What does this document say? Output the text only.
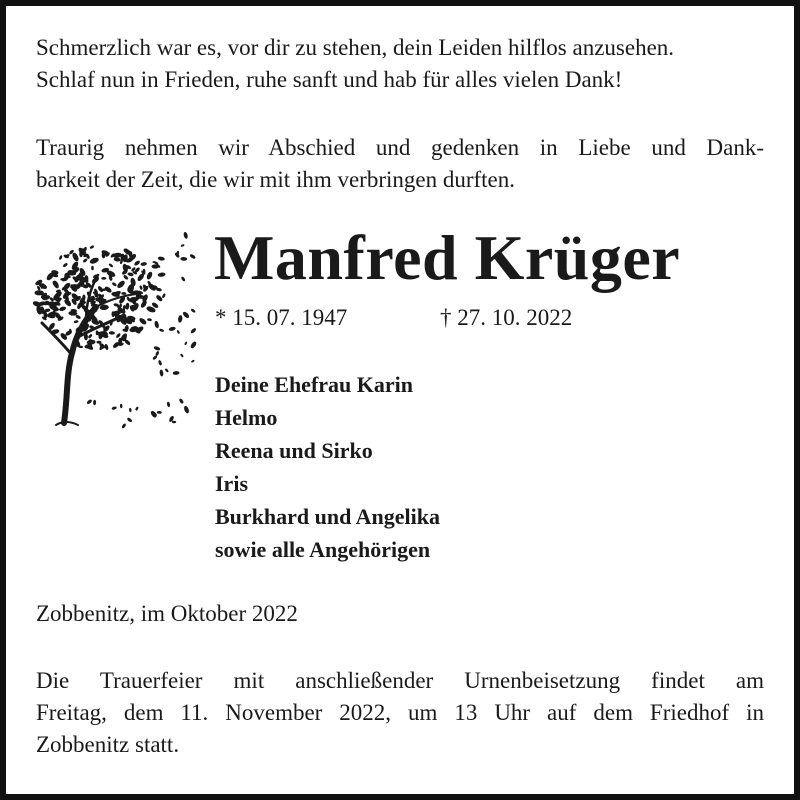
Schmerzlich war es, vor dir zu stehen, dein Leiden hilflos anzusehen.
Schlaf nun in Frieden, ruhe sanft und hab für alles vielen Dank!

Traurig nehmen wir Abschied und gedenken in Liebe und Dank-
barkeit der Zeit, die wir mit ihm verbringen durften.

Manfred Krüger
* 15. 07. 1947	† 27. 10. 2022
Deine Ehefrau Karin
Helmo
Reena und Sirko
Iris
Burkhard und Angelika
sowie alle Angehörigen

Zobbenitz, im Oktober 2022

Die Trauerfeier mit anschließender Urnenbeisetzung findet am
Freitag, dem 11. November 2022, um 13 Uhr auf dem Friedhof in
Zobbenitz statt.
